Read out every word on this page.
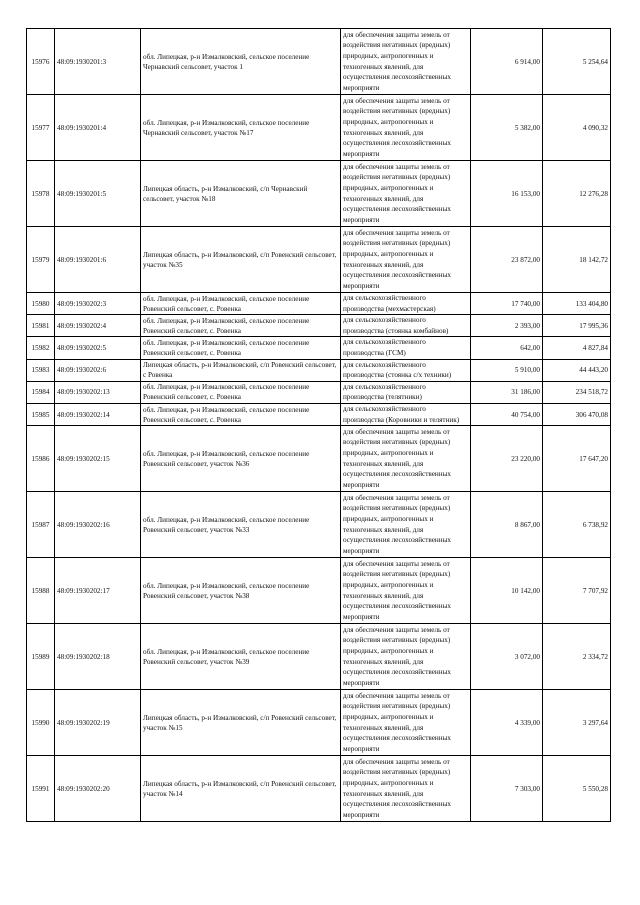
15976	48:09:1930201:3	обл. Липецкая, р-н Измалковский, сельское поселение Чернавский сельсовет, участок 1	для обеспечения защиты земель от воздействия негативных (вредных) природных, антропогенных и техногенных явлений, для осуществления лесохозяйственных мероприяти	6 914,00	5 254,64
15977	48:09:1930201:4	обл. Липецкая, р-н Измалковский, сельское поселение Чернавский сельсовет, участок №17	для обеспечения защиты земель от воздействия негативных (вредных) природных, антропогенных и техногенных явлений, для осуществления лесохозяйственных мероприяти	5 382,00	4 090,32
15978	48:09:1930201:5	Липецкая область, р-н Измалковский, с/п Чернавский сельсовет, участок №18	для обеспечения защиты земель от воздействия негативных (вредных) природных, антропогенных и техногенных явлений, для осуществления лесохозяйственных мероприяти	16 153,00	12 276,28
15979	48:09:1930201:6	Липецкая область, р-н Измалковский, с/п Ровенский сельсовет, участок №35	для обеспечения защиты земель от воздействия негативных (вредных) природных, антропогенных и техногенных явлений, для осуществления лесохозяйственных мероприяти	23 872,00	18 142,72
15980	48:09:1930202:3	обл. Липецкая, р-н Измалковский, сельское поселение Ровенский сельсовет, с. Ровенка	для сельскохозяйственного производства (мехмастерская)	17 740,00	133 404,80
15981	48:09:1930202:4	обл. Липецкая, р-н Измалковский, сельское поселение Ровенский сельсовет, с. Ровенка	для сельскохозяйственного производства (стоянка комбайнов)	2 393,00	17 995,36
15982	48:09:1930202:5	обл. Липецкая, р-н Измалковский, сельское поселение Ровенский сельсовет, с. Ровенка	для сельскохозяйственного производства (ГСМ)	642,00	4 827,84
15983	48:09:1930202:6	Липецкая область, р-н Измалковский, с/п Ровенский сельсовет, с Ровенка	для сельскохозяйственного производства (стоянка с/х техники)	5 910,00	44 443,20
15984	48:09:1930202:13	обл. Липецкая, р-н Измалковский, сельское поселение Ровенский сельсовет, с. Ровенка	для сельскохозяйственного производства (телятники)	31 186,00	234 518,72
15985	48:09:1930202:14	обл. Липецкая, р-н Измалковский, сельское поселение Ровенский сельсовет, с. Ровенка	для сельскохозяйственного производства (Коровники и телятник)	40 754,00	306 470,08
15986	48:09:1930202:15	обл. Липецкая, р-н Измалковский, сельское поселение Ровенский сельсовет, участок №36	для обеспечения защиты земель от воздействия негативных (вредных) природных, антропогенных и техногенных явлений, для осуществления лесохозяйственных мероприяти	23 220,00	17 647,20
15987	48:09:1930202:16	обл. Липецкая, р-н Измалковский, сельское поселение Ровенский сельсовет, участок №33	для обеспечения защиты земель от воздействия негативных (вредных) природных, антропогенных и техногенных явлений, для осуществления лесохозяйственных мероприяти	8 867,00	6 738,92
15988	48:09:1930202:17	обл. Липецкая, р-н Измалковский, сельское поселение Ровенский сельсовет, участок №38	для обеспечения защиты земель от воздействия негативных (вредных) природных, антропогенных и техногенных явлений, для осуществления лесохозяйственных мероприяти	10 142,00	7 707,92
15989	48:09:1930202:18	обл. Липецкая, р-н Измалковский, сельское поселение Ровенский сельсовет, участок №39	для обеспечения защиты земель от воздействия негативных (вредных) природных, антропогенных и техногенных явлений, для осуществления лесохозяйственных мероприяти	3 072,00	2 334,72
15990	48:09:1930202:19	Липецкая область, р-н Измалковский, с/п Ровенский сельсовет, участок №15	для обеспечения защиты земель от воздействия негативных (вредных) природных, антропогенных и техногенных явлений, для осуществления лесохозяйственных мероприяти	4 339,00	3 297,64
15991	48:09:1930202:20	Липецкая область, р-н Измалковский, с/п Ровенский сельсовет, участок №14	для обеспечения защиты земель от воздействия негативных (вредных) природных, антропогенных и техногенных явлений, для осуществления лесохозяйственных мероприяти	7 303,00	5 550,28
